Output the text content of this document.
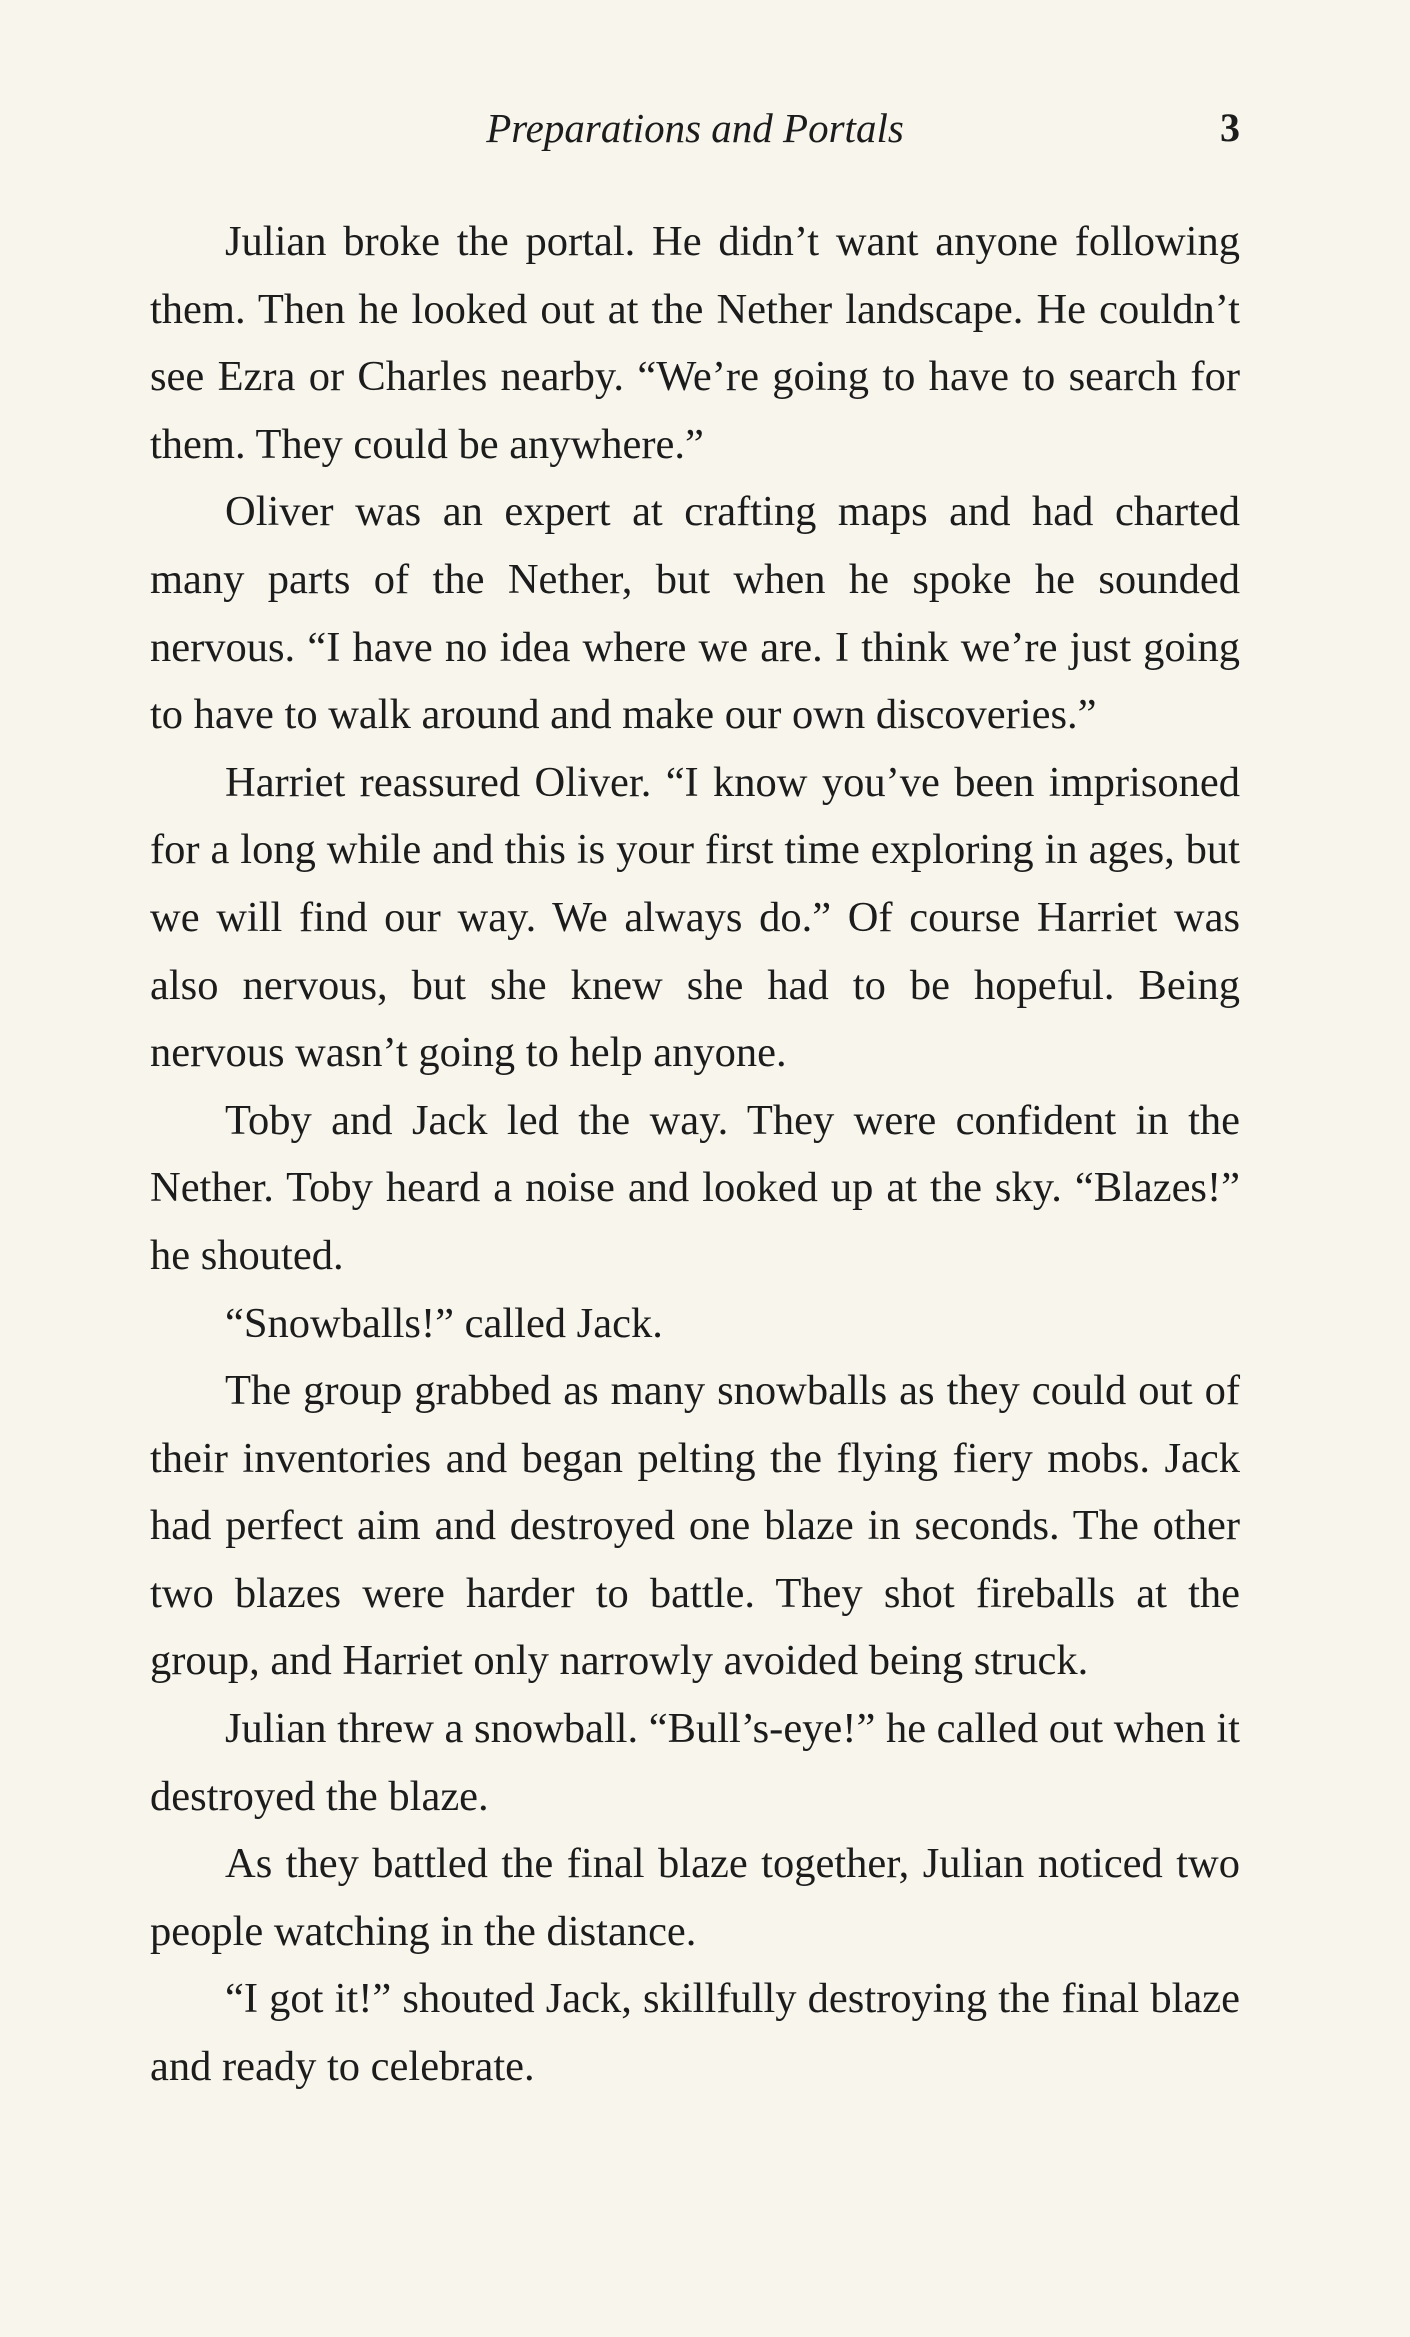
Preparations and Portals	3

Julian broke the portal. He didn’t want anyone following them. Then he looked out at the Nether landscape. He couldn’t see Ezra or Charles nearby. “We’re going to have to search for them. They could be anywhere.”

Oliver was an expert at crafting maps and had charted many parts of the Nether, but when he spoke he sounded nervous. “I have no idea where we are. I think we’re just going to have to walk around and make our own discoveries.”

Harriet reassured Oliver. “I know you’ve been imprisoned for a long while and this is your first time exploring in ages, but we will find our way. We always do.” Of course Harriet was also nervous, but she knew she had to be hopeful. Being nervous wasn’t going to help anyone.

Toby and Jack led the way. They were confident in the Nether. Toby heard a noise and looked up at the sky. “Blazes!” he shouted.

“Snowballs!” called Jack.

The group grabbed as many snowballs as they could out of their inventories and began pelting the flying fiery mobs. Jack had perfect aim and destroyed one blaze in seconds. The other two blazes were harder to battle. They shot fireballs at the group, and Harriet only narrowly avoided being struck.

Julian threw a snowball. “Bull’s-eye!” he called out when it destroyed the blaze.

As they battled the final blaze together, Julian noticed two people watching in the distance.

“I got it!” shouted Jack, skillfully destroying the final blaze and ready to celebrate.
